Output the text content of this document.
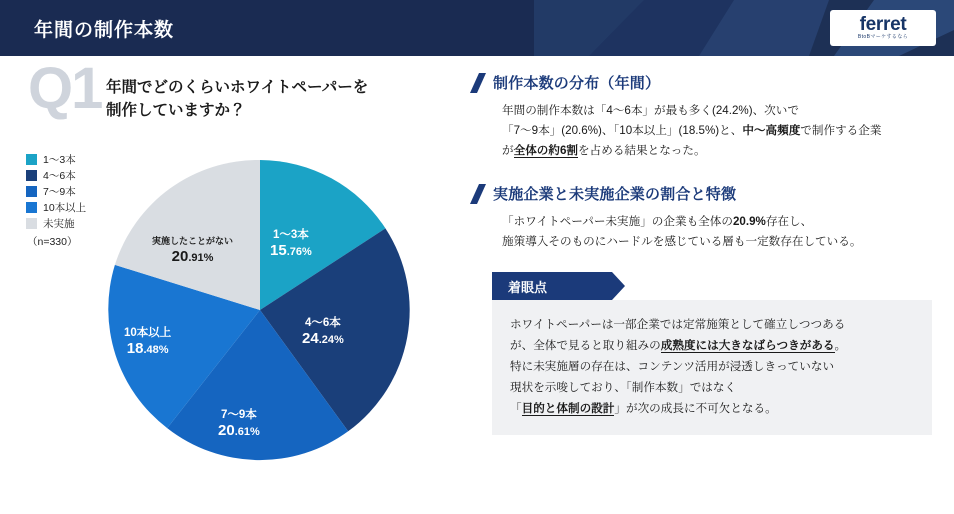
年間の制作本数	ferret
BtoBマーケするなら
Q1 年間でどのくらいホワイトペーパーを
制作していますか？
1〜3本
4〜6本
7〜9本
10本以上
未実施
（n=330）
1〜3本
15.76%
4〜6本
24.24%
7〜9本
20.61%
10本以上
18.48%
実施したことがない
20.91%
制作本数の分布（年間）
年間の制作本数は「4〜6本」が最も多く(24.2%)、次いで
「7〜9本」(20.6%)、「10本以上」(18.5%)と、中〜高頻度で制作する企業
が全体の約6割を占める結果となった。
実施企業と未実施企業の割合と特徴
「ホワイトペーパー未実施」の企業も全体の20.9%存在し、
施策導入そのものにハードルを感じている層も一定数存在している。
着眼点
ホワイトペーパーは一部企業では定常施策として確立しつつある
が、全体で見ると取り組みの成熟度には大きなばらつきがある。
特に未実施層の存在は、コンテンツ活用が浸透しきっていない
現状を示唆しており、「制作本数」ではなく
「目的と体制の設計」が次の成長に不可欠となる。
